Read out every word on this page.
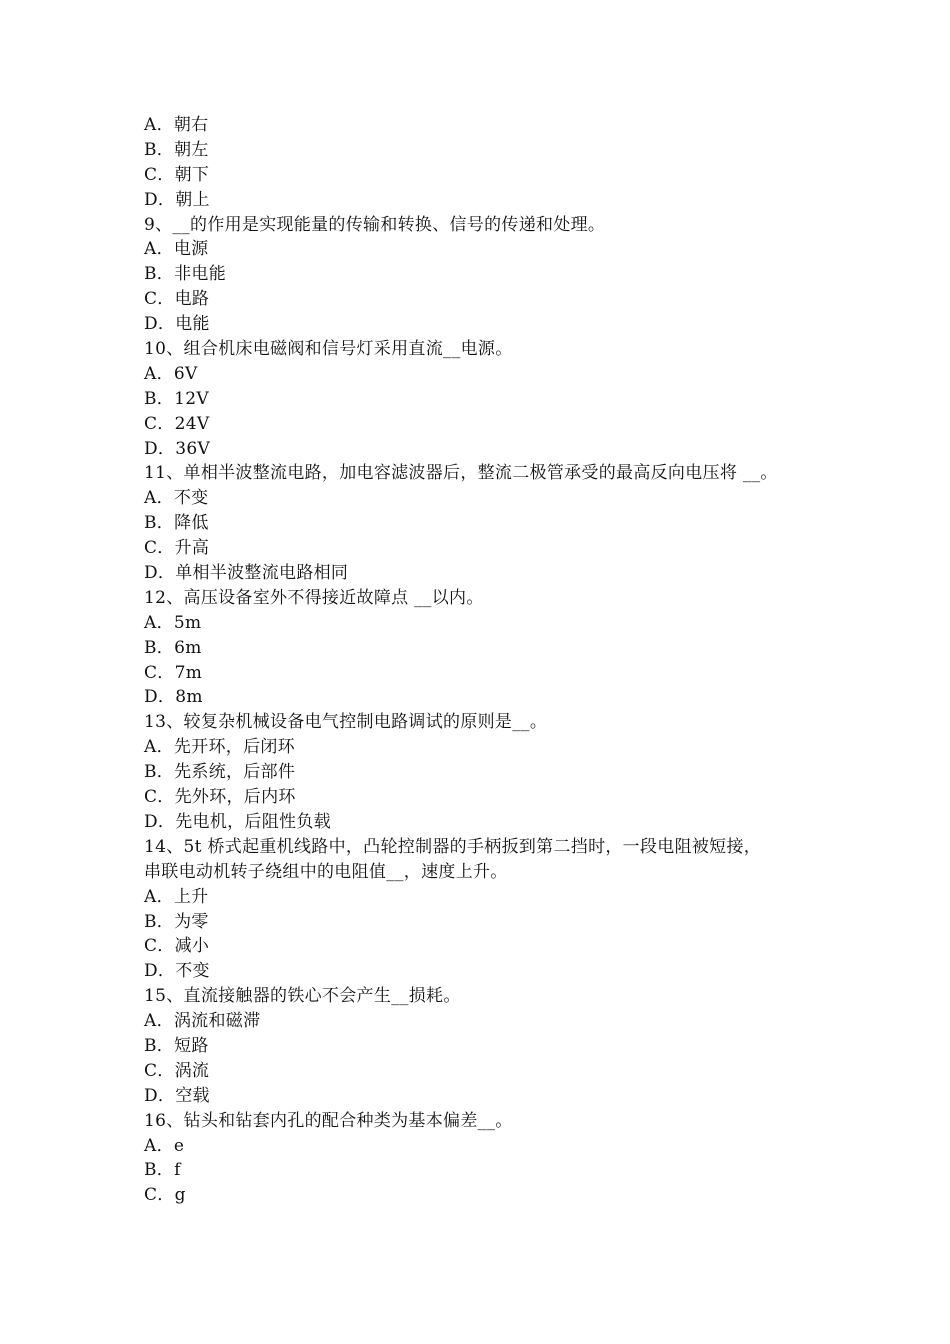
A．朝右
B．朝左
C．朝下
D．朝上
9、__的作用是实现能量的传输和转换、信号的传递和处理。
A．电源
B．非电能
C．电路
D．电能
10、组合机床电磁阀和信号灯采用直流__电源。
A．6V
B．12V
C．24V
D．36V
11、单相半波整流电路，加电容滤波器后，整流二极管承受的最高反向电压将 __。
A．不变
B．降低
C．升高
D．单相半波整流电路相同
12、高压设备室外不得接近故障点 __以内。
A．5m
B．6m
C．7m
D．8m
13、较复杂机械设备电气控制电路调试的原则是__。
A．先开环，后闭环
B．先系统，后部件
C．先外环，后内环
D．先电机，后阻性负载
14、5t 桥式起重机线路中，凸轮控制器的手柄扳到第二挡时，一段电阻被短接，
串联电动机转子绕组中的电阻值__，速度上升。
A．上升
B．为零
C．减小
D．不变
15、直流接触器的铁心不会产生__损耗。
A．涡流和磁滞
B．短路
C．涡流
D．空载
16、钻头和钻套内孔的配合种类为基本偏差__。
A．e
B．f
C．g
